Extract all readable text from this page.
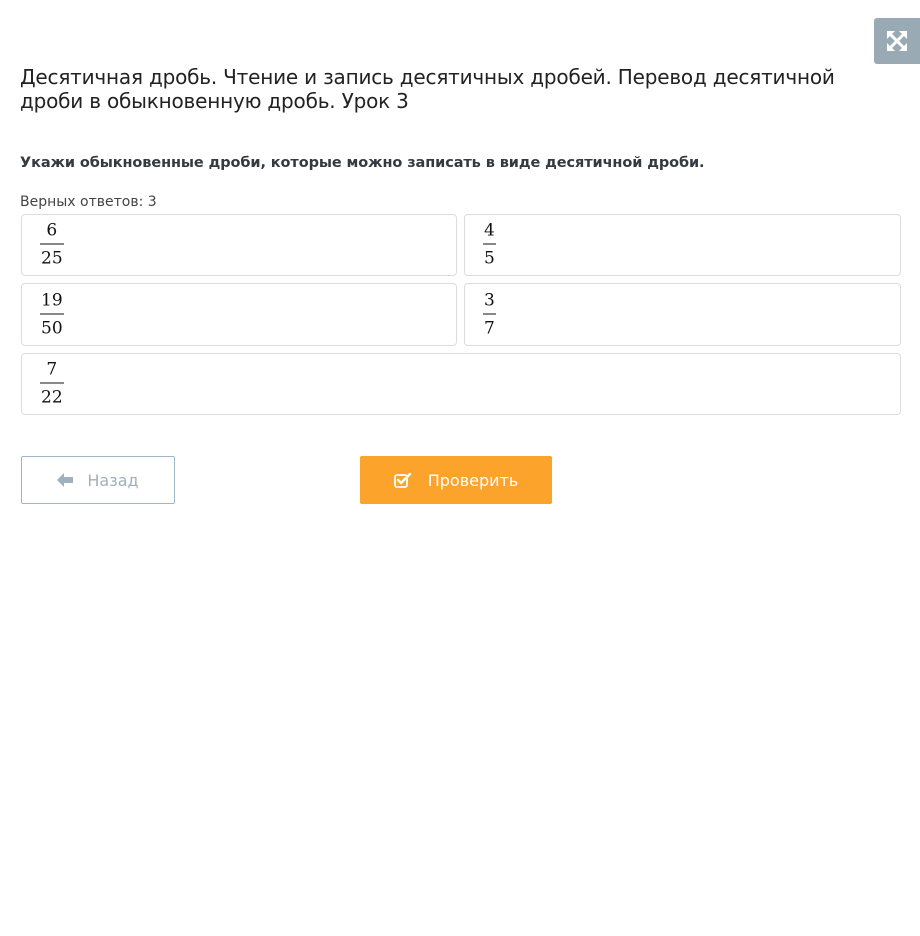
Десятичная дробь. Чтение и запись десятичных дробей. Перевод десятичной дроби в обыкновенную дробь. Урок 3

Укажи обыкновенные дроби, которые можно записать в виде десятичной дроби.

Верных ответов: 3
6
25
4
5
19
50
3
7
7
22
Назад	Проверить
